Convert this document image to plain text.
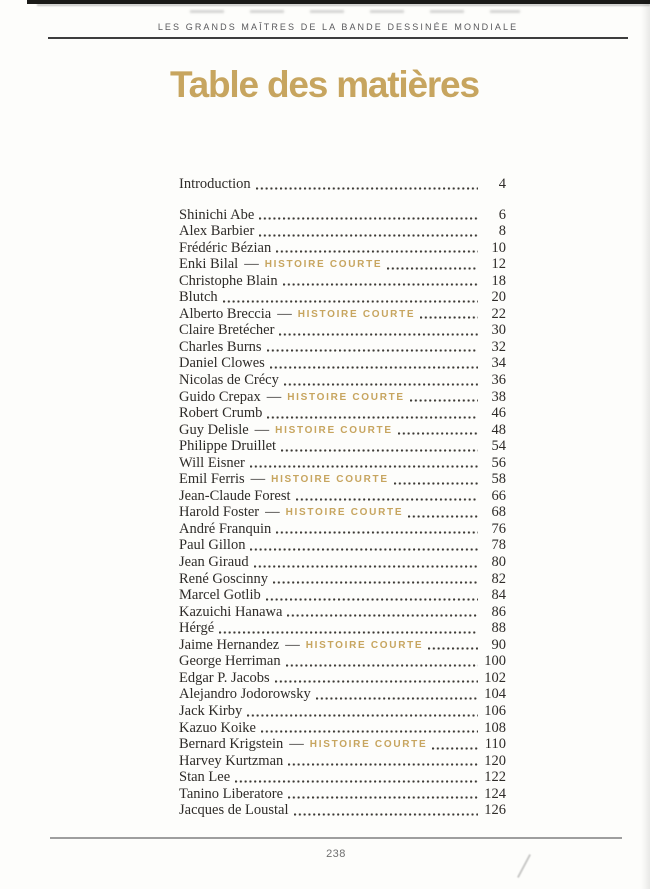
LES GRANDS MAÎTRES DE LA BANDE DESSINÉE MONDIALE
Table des matières
Introduction	4
Shinichi Abe	6
Alex Barbier	8
Frédéric Bézian	10
Enki Bilal — HISTOIRE COURTE	12
Christophe Blain	18
Blutch	20
Alberto Breccia — HISTOIRE COURTE	22
Claire Bretécher	30
Charles Burns	32
Daniel Clowes	34
Nicolas de Crécy	36
Guido Crepax — HISTOIRE COURTE	38
Robert Crumb	46
Guy Delisle — HISTOIRE COURTE	48
Philippe Druillet	54
Will Eisner	56
Emil Ferris — HISTOIRE COURTE	58
Jean-Claude Forest	66
Harold Foster — HISTOIRE COURTE	68
André Franquin	76
Paul Gillon	78
Jean Giraud	80
René Goscinny	82
Marcel Gotlib	84
Kazuichi Hanawa	86
Hérgé	88
Jaime Hernandez — HISTOIRE COURTE	90
George Herriman	100
Edgar P. Jacobs	102
Alejandro Jodorowsky	104
Jack Kirby	106
Kazuo Koike	108
Bernard Krigstein — HISTOIRE COURTE	110
Harvey Kurtzman	120
Stan Lee	122
Tanino Liberatore	124
Jacques de Loustal	126
238
